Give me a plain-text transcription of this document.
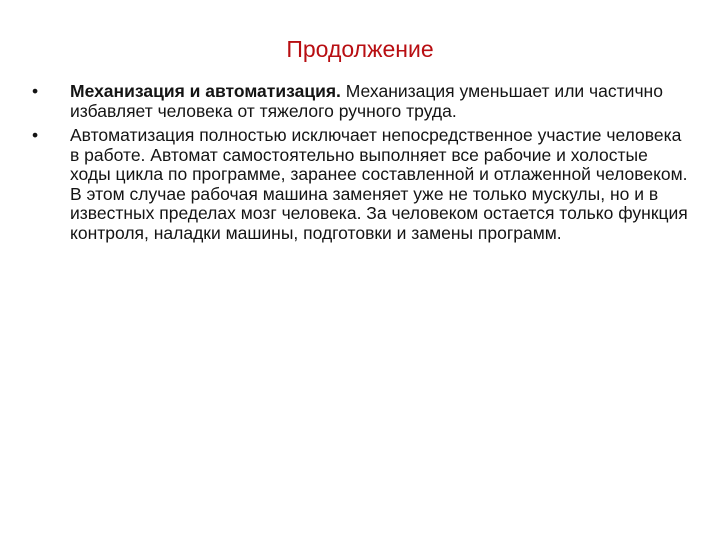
Продолжение
•	Механизация и автоматизация. Механизация уменьшает или частично избавляет человека от тяжелого ручного труда.
•	Автоматизация полностью исключает непосредственное участие человека в работе. Автомат самостоятельно выполняет все рабочие и холостые ходы цикла по программе, заранее составленной и отлаженной человеком. В этом случае рабочая машина заменяет уже не только мускулы, но и в известных пределах мозг человека. За человеком остается только функция контроля, наладки машины, подготовки и замены программ.
